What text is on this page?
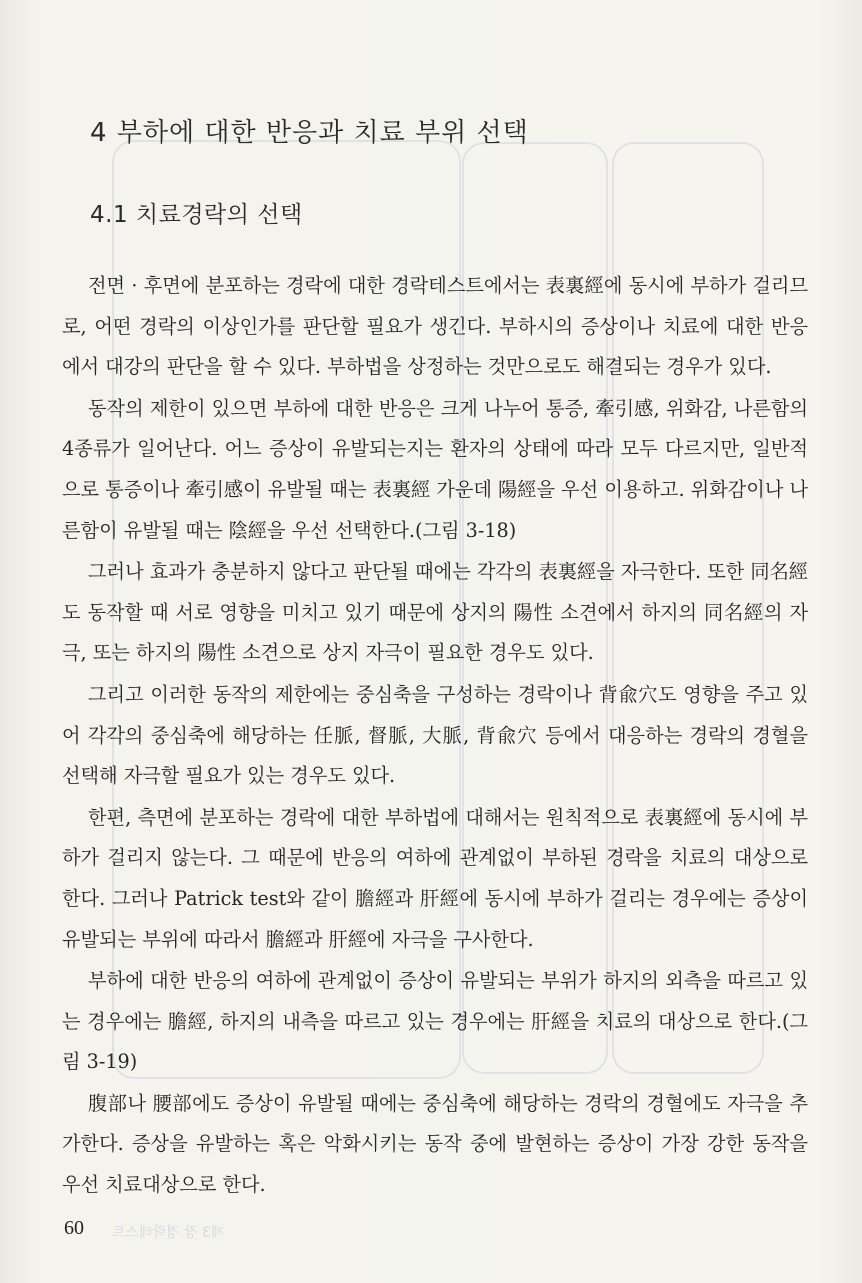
4 부하에 대한 반응과 치료 부위 선택
4.1 치료경락의 선택

전면 · 후면에 분포하는 경락에 대한 경락테스트에서는 表裏經에 동시에 부하가 걸리므로, 어떤 경락의 이상인가를 판단할 필요가 생긴다. 부하시의 증상이나 치료에 대한 반응에서 대강의 판단을 할 수 있다. 부하법을 상정하는 것만으로도 해결되는 경우가 있다.

동작의 제한이 있으면 부하에 대한 반응은 크게 나누어 통증, 牽引感, 위화감, 나른함의 4종류가 일어난다. 어느 증상이 유발되는지는 환자의 상태에 따라 모두 다르지만, 일반적으로 통증이나 牽引感이 유발될 때는 表裏經 가운데 陽經을 우선 이용하고. 위화감이나 나른함이 유발될 때는 陰經을 우선 선택한다.(그림 3-18)

그러나 효과가 충분하지 않다고 판단될 때에는 각각의 表裏經을 자극한다. 또한 同名經도 동작할 때 서로 영향을 미치고 있기 때문에 상지의 陽性 소견에서 하지의 同名經의 자극, 또는 하지의 陽性 소견으로 상지 자극이 필요한 경우도 있다.

그리고 이러한 동작의 제한에는 중심축을 구성하는 경락이나 背兪穴도 영향을 주고 있어 각각의 중심축에 해당하는 任脈, 督脈, 大脈, 背兪穴 등에서 대응하는 경락의 경혈을 선택해 자극할 필요가 있는 경우도 있다.

한편, 측면에 분포하는 경락에 대한 부하법에 대해서는 원칙적으로 表裏經에 동시에 부하가 걸리지 않는다. 그 때문에 반응의 여하에 관계없이 부하된 경락을 치료의 대상으로 한다. 그러나 Patrick test와 같이 膽經과 肝經에 동시에 부하가 걸리는 경우에는 증상이 유발되는 부위에 따라서 膽經과 肝經에 자극을 구사한다.

부하에 대한 반응의 여하에 관계없이 증상이 유발되는 부위가 하지의 외측을 따르고 있는 경우에는 膽經, 하지의 내측을 따르고 있는 경우에는 肝經을 치료의 대상으로 한다.(그림 3-19)

腹部나 腰部에도 증상이 유발될 때에는 중심축에 해당하는 경락의 경혈에도 자극을 추가한다. 증상을 유발하는 혹은 악화시키는 동작 중에 발현하는 증상이 가장 강한 동작을 우선 치료대상으로 한다.

60 제3 장 경락테스트
